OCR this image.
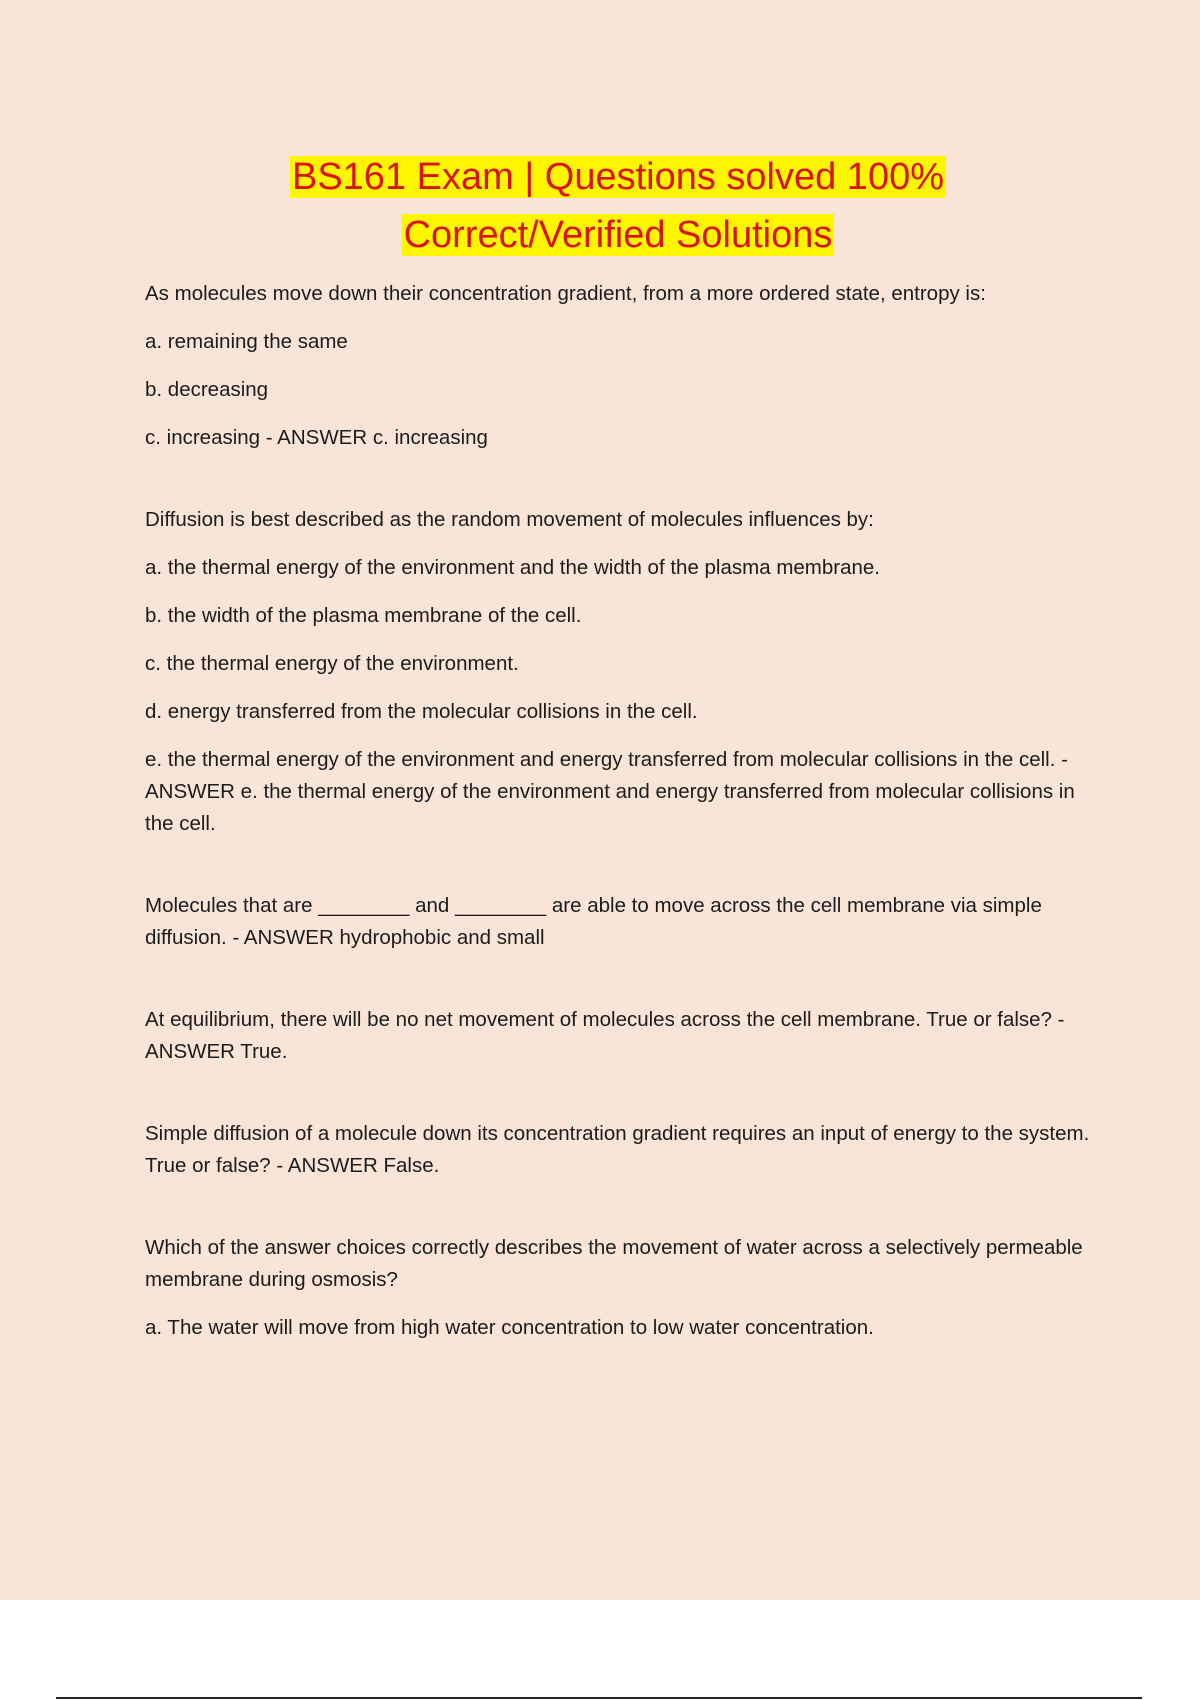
BS161 Exam | Questions solved 100%
Correct/Verified Solutions

As molecules move down their concentration gradient, from a more ordered state, entropy is:

a. remaining the same

b. decreasing

c. increasing - ANSWER c. increasing

Diffusion is best described as the random movement of molecules influences by:

a. the thermal energy of the environment and the width of the plasma membrane.

b. the width of the plasma membrane of the cell.

c. the thermal energy of the environment.

d. energy transferred from the molecular collisions in the cell.

e. the thermal energy of the environment and energy transferred from molecular collisions in the cell. - ANSWER e. the thermal energy of the environment and energy transferred from molecular collisions in the cell.

Molecules that are ________ and ________ are able to move across the cell membrane via simple diffusion. - ANSWER hydrophobic and small

At equilibrium, there will be no net movement of molecules across the cell membrane. True or false? - ANSWER True.

Simple diffusion of a molecule down its concentration gradient requires an input of energy to the system. True or false? - ANSWER False.

Which of the answer choices correctly describes the movement of water across a selectively permeable membrane during osmosis?

a. The water will move from high water concentration to low water concentration.
